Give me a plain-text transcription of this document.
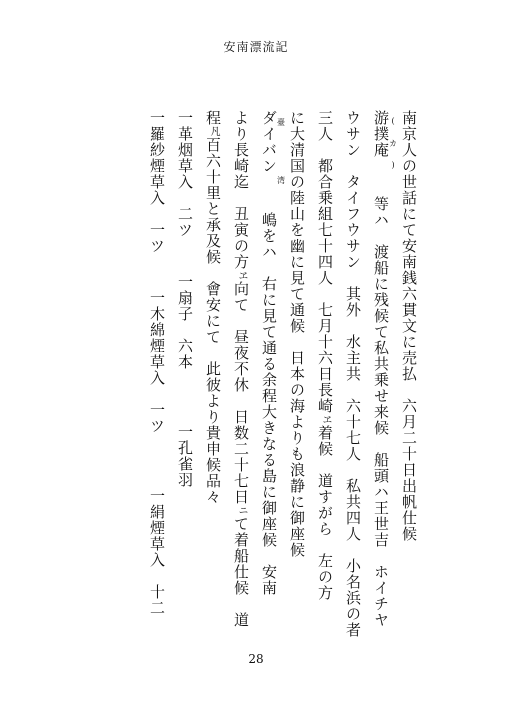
安南漂流記
南京人の世話にて安南銭六貫文に売払　六月二十日出帆仕候
游撲庵 (カ) 等ハ　渡船に残候て私共乗せ来候　船頭ハ王世吉　ホイチヤ
ウサン　タイフウサン　其外　水主共　六十七人　私共四人　小名浜の者
三人　都合乗組七十四人　七月十六日長崎ヱ着候　道すがら　左の方
に大清国の陸山を幽に見て通候　日本の海よりも浪静に御座候
ダイバン 臺湾 嶋をハ　右に見て通る余程大きなる島に御座候　安南
より長崎迄　丑寅の方ヱ向て　昼夜不休　日数二十七日ニて着船仕候　道
程凡百六十里と承及候　會安にて　此彼より貴申候品々
一革烟草入　二ツ一扇子　六本一孔雀羽
一羅紗煙草入　一ツ一木綿煙草入　一ツ一絹煙草入　十二
28
